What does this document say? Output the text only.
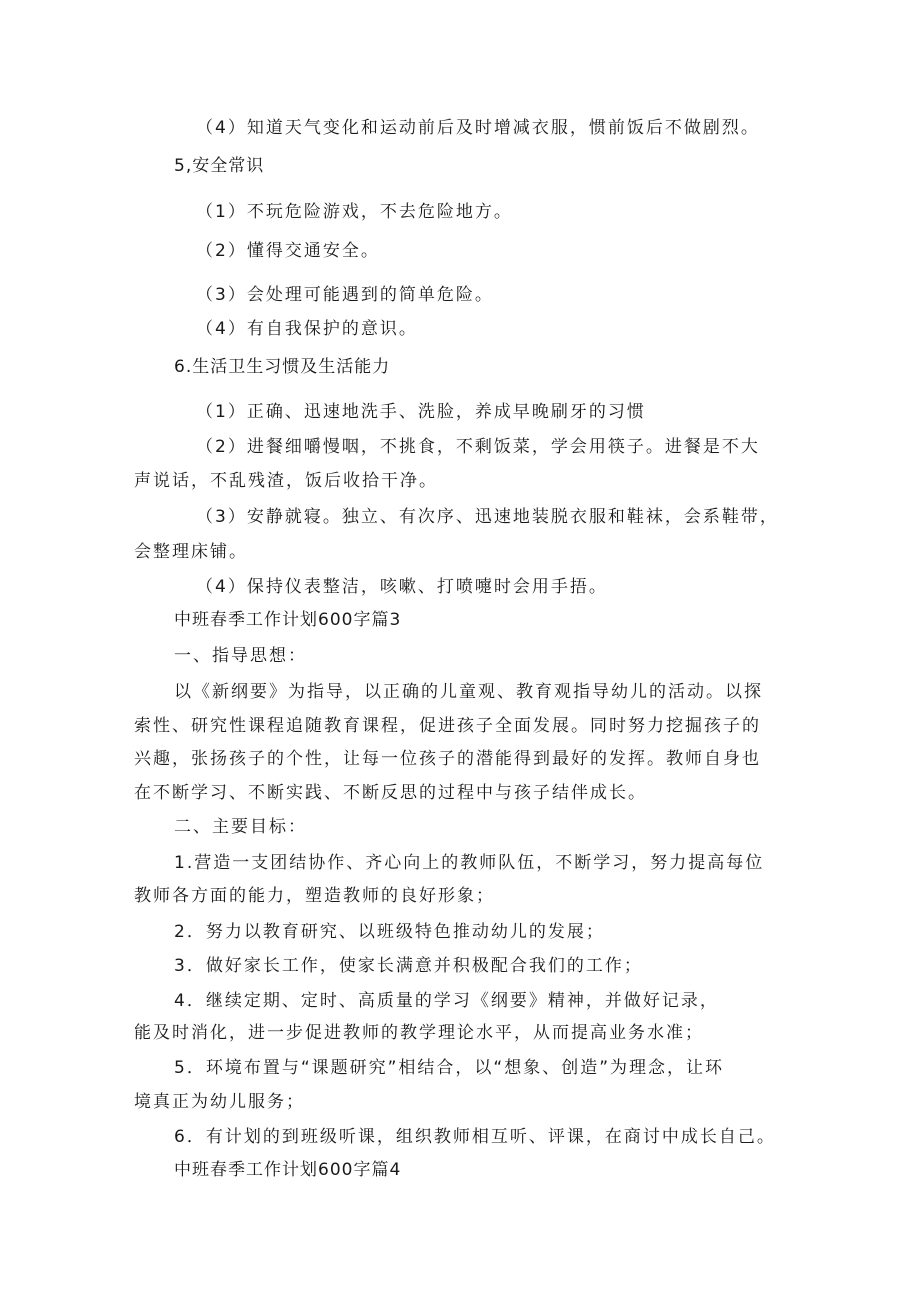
（4）知道天气变化和运动前后及时增减衣服，惯前饭后不做剧烈。
5,安全常识
（1）不玩危险游戏，不去危险地方。
（2）懂得交通安全。
（3）会处理可能遇到的简单危险。
（4）有自我保护的意识。
6.生活卫生习惯及生活能力
（1）正确、迅速地洗手、洗脸，养成早晚刷牙的习惯
（2）进餐细嚼慢咽，不挑食，不剩饭菜，学会用筷子。进餐是不大
声说话，不乱残渣，饭后收拾干净。
（3）安静就寝。独立、有次序、迅速地装脱衣服和鞋袜，会系鞋带，
会整理床铺。
（4）保持仪表整洁，咳嗽、打喷嚏时会用手捂。
中班春季工作计划600字篇3
一、指导思想：
以《新纲要》为指导，以正确的儿童观、教育观指导幼儿的活动。以探
索性、研究性课程追随教育课程，促进孩子全面发展。同时努力挖掘孩子的
兴趣，张扬孩子的个性，让每一位孩子的潜能得到最好的发挥。教师自身也
在不断学习、不断实践、不断反思的过程中与孩子结伴成长。
二、主要目标：
1.营造一支团结协作、齐心向上的教师队伍，不断学习，努力提高每位
教师各方面的能力，塑造教师的良好形象；
2．努力以教育研究、以班级特色推动幼儿的发展；
3．做好家长工作，使家长满意并积极配合我们的工作；
4．继续定期、定时、高质量的学习《纲要》精神，并做好记录，
能及时消化，进一步促进教师的教学理论水平，从而提高业务水准；
5．环境布置与“课题研究”相结合，以“想象、创造”为理念，让环
境真正为幼儿服务；
6．有计划的到班级听课，组织教师相互听、评课，在商讨中成长自己。
中班春季工作计划600字篇4
